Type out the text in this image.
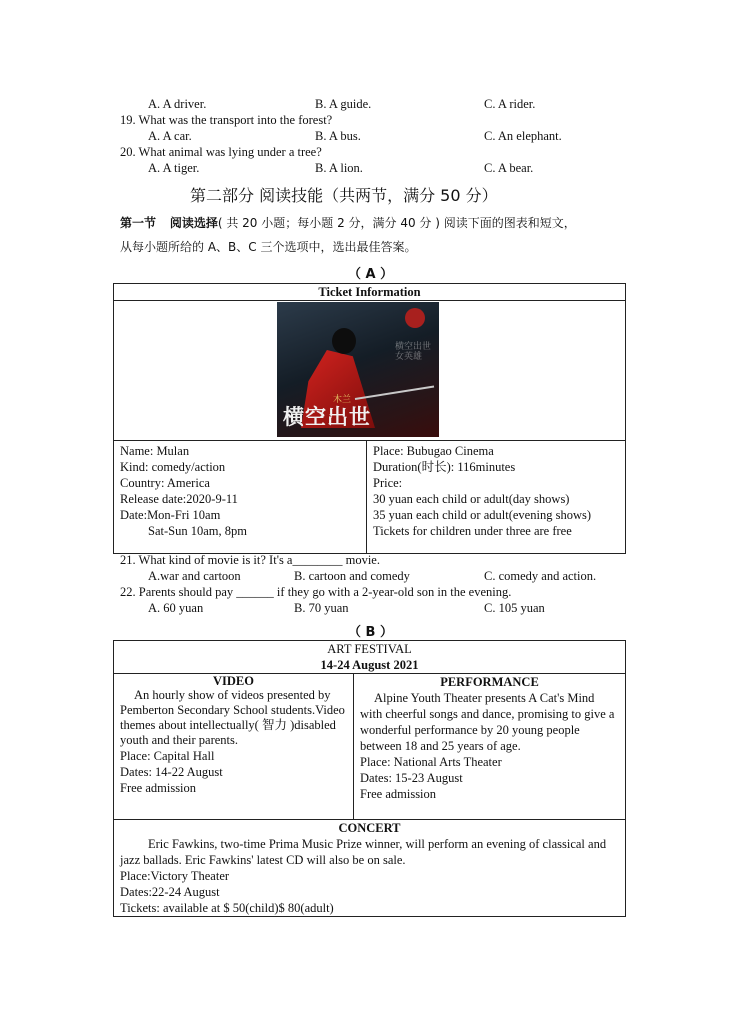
A. A driver.	B. A guide.	C. A rider.
19. What was the transport into the forest?
A. A car.	B. A bus.	C. An elephant.
20. What animal was lying under a tree?
A. A tiger.	B. A lion.	C. A bear.
第二部分 阅读技能（共两节，满分 50 分）
第一节 阅读选择( 共 20 小题；每小题 2 分，满分 40 分 ) 阅读下面的图表和短文，
从每小题所给的 A、B、C 三个选项中，选出最佳答案。
（ A ）
Ticket Information

Name: Mulan
Kind: comedy/action
Country: America
Release date:2020-9-11
Date:Mon-Fri 10am
Sat-Sun 10am, 8pm

Place: Bubugao Cinema
Duration(时长): 116minutes
Price:
30 yuan each child or adult(day shows)
35 yuan each child or adult(evening shows)
Tickets for children under three are free
横空出世女英雄
木兰
横空出世
21. What kind of movie is it? It's a________ movie.
A.war and cartoon	B. cartoon and comedy	C. comedy and action.
22. Parents should pay ______ if they go with a 2-year-old son in the evening.
A. 60 yuan	B. 70 yuan	C. 105 yuan
（ B ）
ART FESTIVAL
14-24 August 2021

VIDEO
An hourly show of videos presented by Pemberton Secondary School students.Video themes about intellectually( 智力 )disabled youth and their parents.
Place: Capital Hall
Dates: 14-22 August
Free admission

PERFORMANCE
Alpine Youth Theater presents A Cat's Mind with cheerful songs and dance, promising to give a wonderful performance by 20 young people between 18 and 25 years of age.
Place: National Arts Theater
Dates: 15-23 August
Free admission

CONCERT
Eric Fawkins, two-time Prima Music Prize winner, will perform an evening of classical and jazz ballads. Eric Fawkins' latest CD will also be on sale.
Place:Victory Theater
Dates:22-24 August
Tickets: available at $ 50(child)$ 80(adult)
